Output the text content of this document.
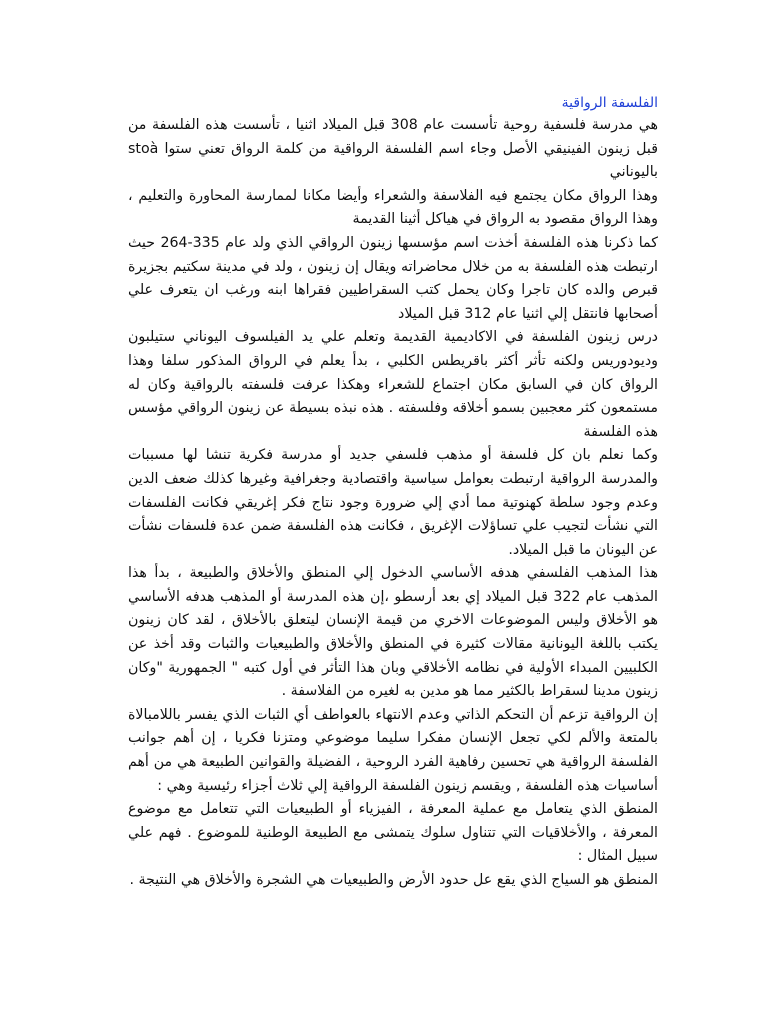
الفلسفة الرواقية

هي مدرسة فلسفية روحية تأسست عام 308 قبل الميلاد اثنيا ، تأسست هذه الفلسفة من قبل زينون الفينيقي الأصل وجاء اسم الفلسفة الرواقية من كلمة الرواق تعني ستوا stoà باليوناني

وهذا الرواق مكان يجتمع فيه الفلاسفة والشعراء وأيضا مكانا لممارسة المحاورة والتعليم ، وهذا الرواق مقصود به الرواق في هياكل أثينا القديمة

كما ذكرنا هذه الفلسفة أخذت اسم مؤسسها زينون الرواقي الذي ولد عام 335-264 حيث ارتبطت هذه الفلسفة به من خلال محاضراته ويقال إن زينون ، ولد في مدينة سكتيم بجزيرة قبرص والده كان تاجرا وكان يحمل كتب السقراطيين فقراها ابنه ورغب ان يتعرف علي أصحابها فانتقل إلي اثنيا عام 312 قبل الميلاد

درس زينون الفلسفة في الاكاديمية القديمة وتعلم علي يد الفيلسوف اليوناني ستيلبون وديودوريس ولكنه تأثر أكثر باقريطس الكلبي ، بدأ يعلم في الرواق المذكور سلفا وهذا الرواق كان في السابق مكان اجتماع للشعراء وهكذا عرفت فلسفته بالرواقية وكان له مستمعون كثر معجبين بسمو أخلاقه وفلسفته . هذه نبذه بسيطة عن زينون الرواقي مؤسس هذه الفلسفة

وكما نعلم بان كل فلسفة أو مذهب فلسفي جديد أو مدرسة فكرية تنشا لها مسببات والمدرسة الرواقية ارتبطت بعوامل سياسية واقتصادية وجغرافية وغيرها كذلك ضعف الدين وعدم وجود سلطة كهنوتية مما أدي إلي ضرورة وجود نتاج فكر إغريقي فكانت الفلسفات التي نشأت لتجيب علي تساؤلات الإغريق ، فكانت هذه الفلسفة ضمن عدة فلسفات نشأت عن اليونان ما قبل الميلاد.

هذا المذهب الفلسفي هدفه الأساسي الدخول إلي المنطق والأخلاق والطبيعة ، بدأ هذا المذهب عام 322 قبل الميلاد إي بعد أرسطو ،إن هذه المدرسة أو المذهب هدفه الأساسي هو الأخلاق وليس الموضوعات الاخري من قيمة الإنسان ليتعلق بالأخلاق ، لقد كان زينون يكتب باللغة اليونانية مقالات كثيرة في المنطق والأخلاق والطبيعيات والثبات وقد أخذ عن الكلبيين المبداء الأولية في نظامه الأخلاقي وبان هذا التأثر في أول كتبه " الجمهورية "وكان زينون مدينا لسقراط بالكثير مما هو مدين به لغيره من الفلاسفة .

إن الرواقية تزعم أن التحكم الذاتي وعدم الانتهاء بالعواطف أي الثبات الذي يفسر باللامبالاة بالمتعة والألم لكي تجعل الإنسان مفكرا سليما موضوعي ومتزنا فكريا ، إن أهم جوانب الفلسفة الرواقية هي تحسين رفاهية الفرد الروحية ، الفضيلة والقوانين الطبيعة هي من أهم أساسيات هذه الفلسفة , ويقسم زينون الفلسفة الرواقية إلي ثلاث أجزاء رئيسية وهي :

المنطق الذي يتعامل مع عملية المعرفة ، الفيزياء أو الطبيعيات التي تتعامل مع موضوع المعرفة ، والأخلاقيات التي تتناول سلوك يتمشى مع الطبيعة الوطنية للموضوع . فهم علي سبيل المثال :

المنطق هو السياج الذي يقع عل حدود الأرض والطبيعيات هي الشجرة والأخلاق هي النتيجة .
